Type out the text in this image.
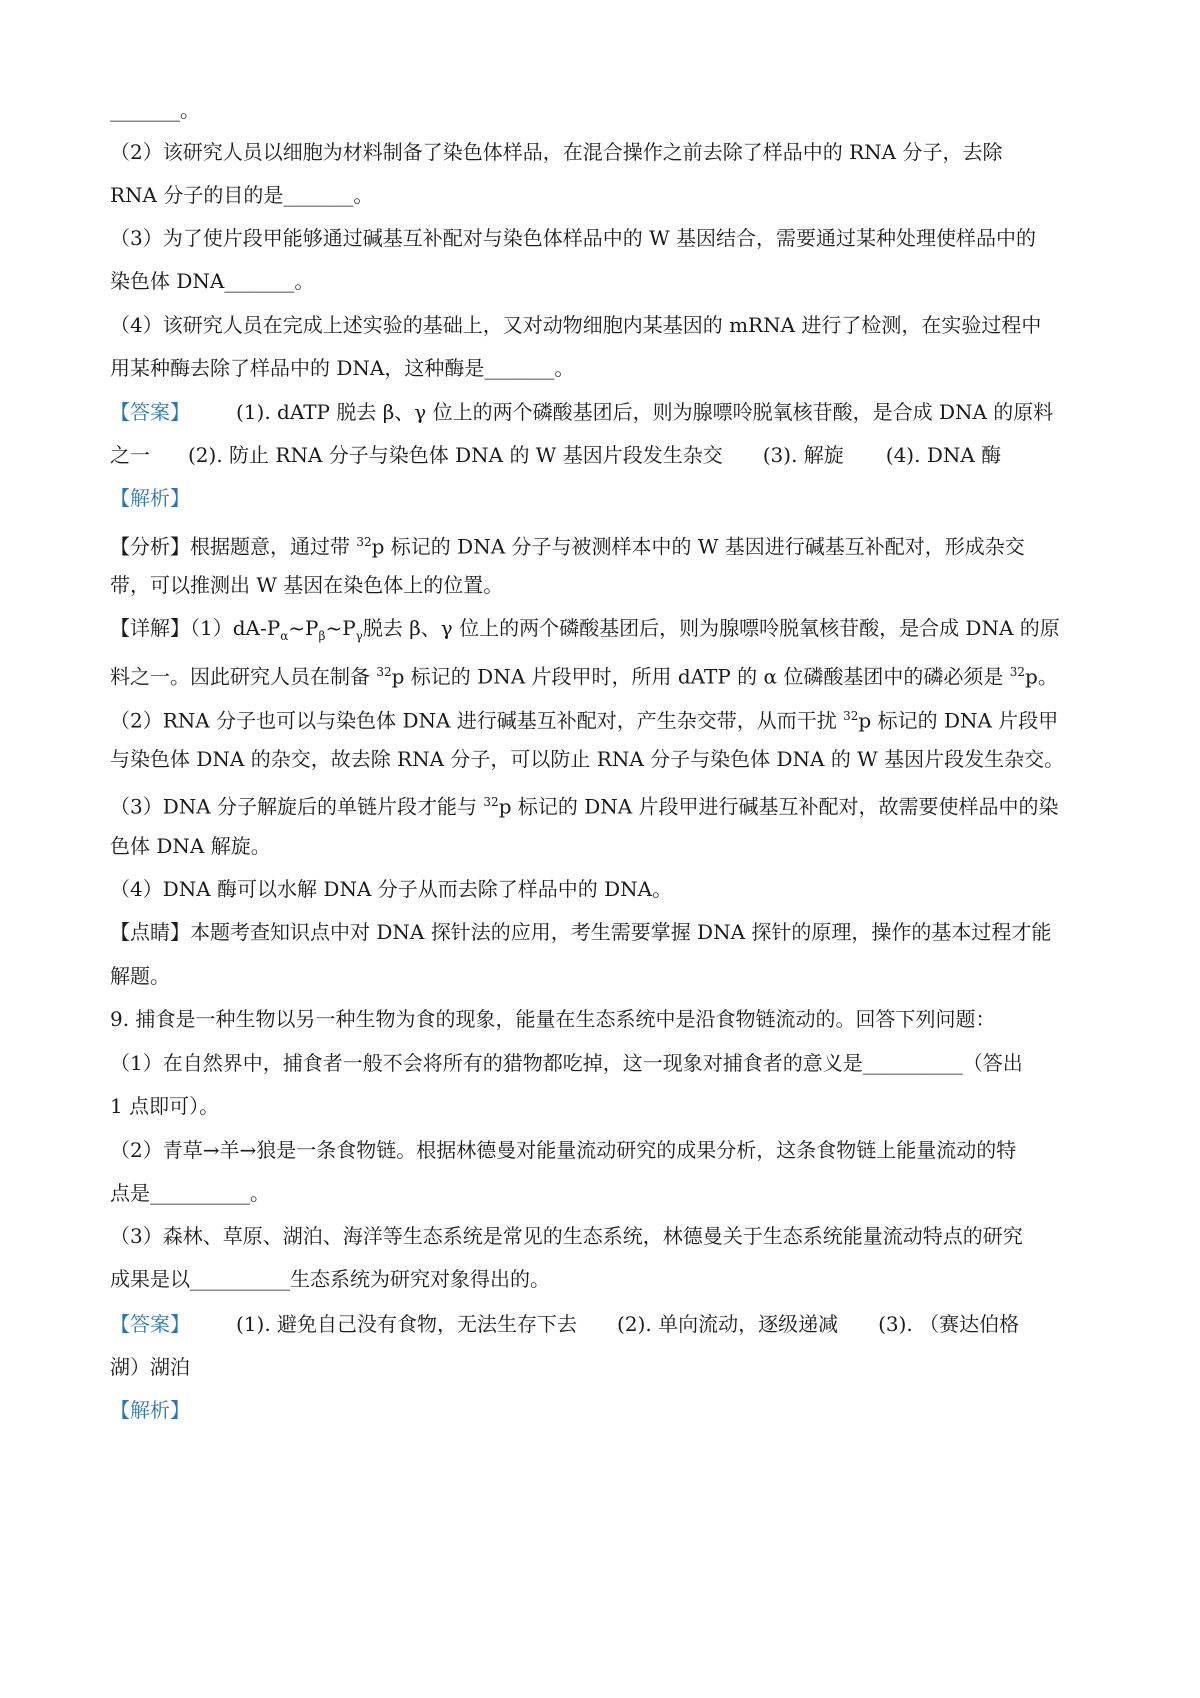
_______。
（2）该研究人员以细胞为材料制备了染色体样品，在混合操作之前去除了样品中的 RNA 分子，去除
RNA 分子的目的是_______。
（3）为了使片段甲能够通过碱基互补配对与染色体样品中的 W 基因结合，需要通过某种处理使样品中的
染色体 DNA_______。
（4）该研究人员在完成上述实验的基础上，又对动物细胞内某基因的 mRNA 进行了检测，在实验过程中
用某种酶去除了样品中的 DNA，这种酶是_______。
【答案】 (1). dATP 脱去 β、γ 位上的两个磷酸基团后，则为腺嘌呤脱氧核苷酸，是合成 DNA 的原料
之一 (2). 防止 RNA 分子与染色体 DNA 的 W 基因片段发生杂交 (3). 解旋 (4). DNA 酶
【解析】
【分析】根据题意，通过带 $^{32}$p 标记的 DNA 分子与被测样本中的 W 基因进行碱基互补配对，形成杂交
带，可以推测出 W 基因在染色体上的位置。
【详解】$(1)dA-P_\alpha\sim P_\beta\sim P_\gamma$脱去 β、γ 位上的两个磷酸基团后，则为腺嘌呤脱氧核苷酸，是合成 DNA 的原
料之一。因此研究人员在制备 $^{32}$p 标记的 DNA 片段甲时，所用 dATP 的 α 位磷酸基团中的磷必须是 $^{32}$p。
（2）RNA 分子也可以与染色体 DNA 进行碱基互补配对，产生杂交带，从而干扰 $^{32}$p 标记的 DNA 片段甲
与染色体 DNA 的杂交，故去除 RNA 分子，可以防止 RNA 分子与染色体 DNA 的 W 基因片段发生杂交。
（3）DNA 分子解旋后的单链片段才能与 $^{32}$p 标记的 DNA 片段甲进行碱基互补配对，故需要使样品中的染
色体 DNA 解旋。
（4）DNA 酶可以水解 DNA 分子从而去除了样品中的 DNA。
【点睛】本题考查知识点中对 DNA 探针法的应用，考生需要掌握 DNA 探针的原理，操作的基本过程才能
解题。
9. 捕食是一种生物以另一种生物为食的现象，能量在生态系统中是沿食物链流动的。回答下列问题：
（1）在自然界中，捕食者一般不会将所有的猎物都吃掉，这一现象对捕食者的意义是__________（答出
1 点即可）。
（2）青草→羊→狼是一条食物链。根据林德曼对能量流动研究的成果分析，这条食物链上能量流动的特
点是__________。
（3）森林、草原、湖泊、海洋等生态系统是常见的生态系统，林德曼关于生态系统能量流动特点的研究
成果是以__________生态系统为研究对象得出的。
【答案】 (1). 避免自己没有食物，无法生存下去 (2). 单向流动，逐级递减 (3). （赛达伯格
湖）湖泊
【解析】
